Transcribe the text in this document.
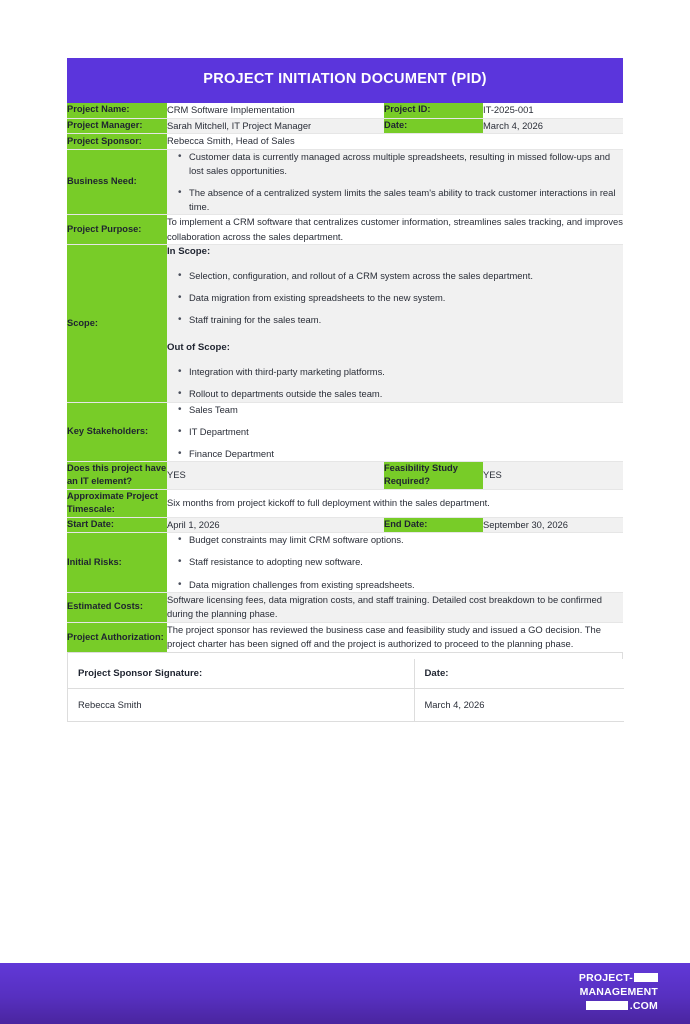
PROJECT INITIATION DOCUMENT (PID)
Project Name:	CRM Software Implementation	Project ID:	IT-2025-001
Project Manager:	Sarah Mitchell, IT Project Manager	Date:	March 4, 2026
Project Sponsor:	Rebecca Smith, Head of Sales		
Business Need:	
• Customer data is currently managed across multiple spreadsheets, resulting in missed follow-ups and lost sales opportunities.
• The absence of a centralized system limits the sales team's ability to track customer interactions in real time.

Project Purpose:	To implement a CRM software that centralizes customer information, streamlines sales tracking, and improves collaboration across the sales department.		
Scope:	
In Scope:
• Selection, configuration, and rollout of a CRM system across the sales department.
• Data migration from existing spreadsheets to the new system.
• Staff training for the sales team.
Out of Scope:
• Integration with third-party marketing platforms.
• Rollout to departments outside the sales team.

Key Stakeholders:	
• Sales Team
• IT Department
• Finance Department

Does this project have an IT element?	YES	Feasibility Study Required?	YES
Approximate Project Timescale:	Six months from project kickoff to full deployment within the sales department.		
Start Date:	April 1, 2026	End Date:	September 30, 2026
Initial Risks:	
• Budget constraints may limit CRM software options.
• Staff resistance to adopting new software.
• Data migration challenges from existing spreadsheets.

Estimated Costs:	Software licensing fees, data migration costs, and staff training. Detailed cost breakdown to be confirmed during the planning phase.		
Project Authorization:	The project sponsor has reviewed the business case and feasibility study and issued a GO decision. The project charter has been signed off and the project is authorized to proceed to the planning phase.		
Project Sponsor Signature:	Date:
Rebecca Smith	March 4, 2026
PROJECT-
MANAGEMENT
.COM
